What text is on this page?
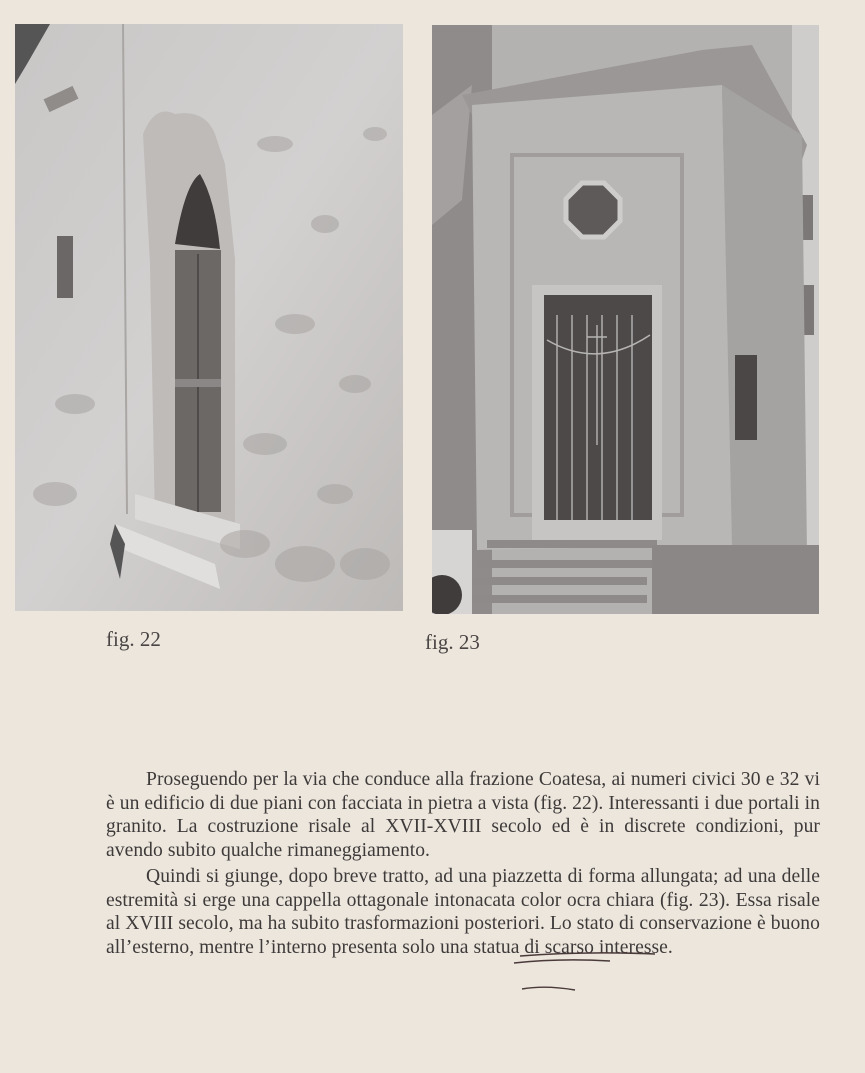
fig. 22	fig. 23

Proseguendo per la via che conduce alla frazione Coatesa, ai numeri civici 30 e 32 vi è un edificio di due piani con facciata in pietra a vista (fig. 22). Interessanti i due portali in granito. La costruzione risale al XVII-XVIII secolo ed è in discrete condizioni, pur avendo subito qualche rimaneggiamento.

Quindi si giunge, dopo breve tratto, ad una piazzetta di forma allungata; ad una delle estremità si erge una cappella ottagonale intonacata color ocra chiara (fig. 23). Essa risale al XVIII secolo, ma ha subito trasformazioni posteriori. Lo stato di conservazione è buono all’esterno, mentre l’interno presenta solo una statua di scarso interesse.
